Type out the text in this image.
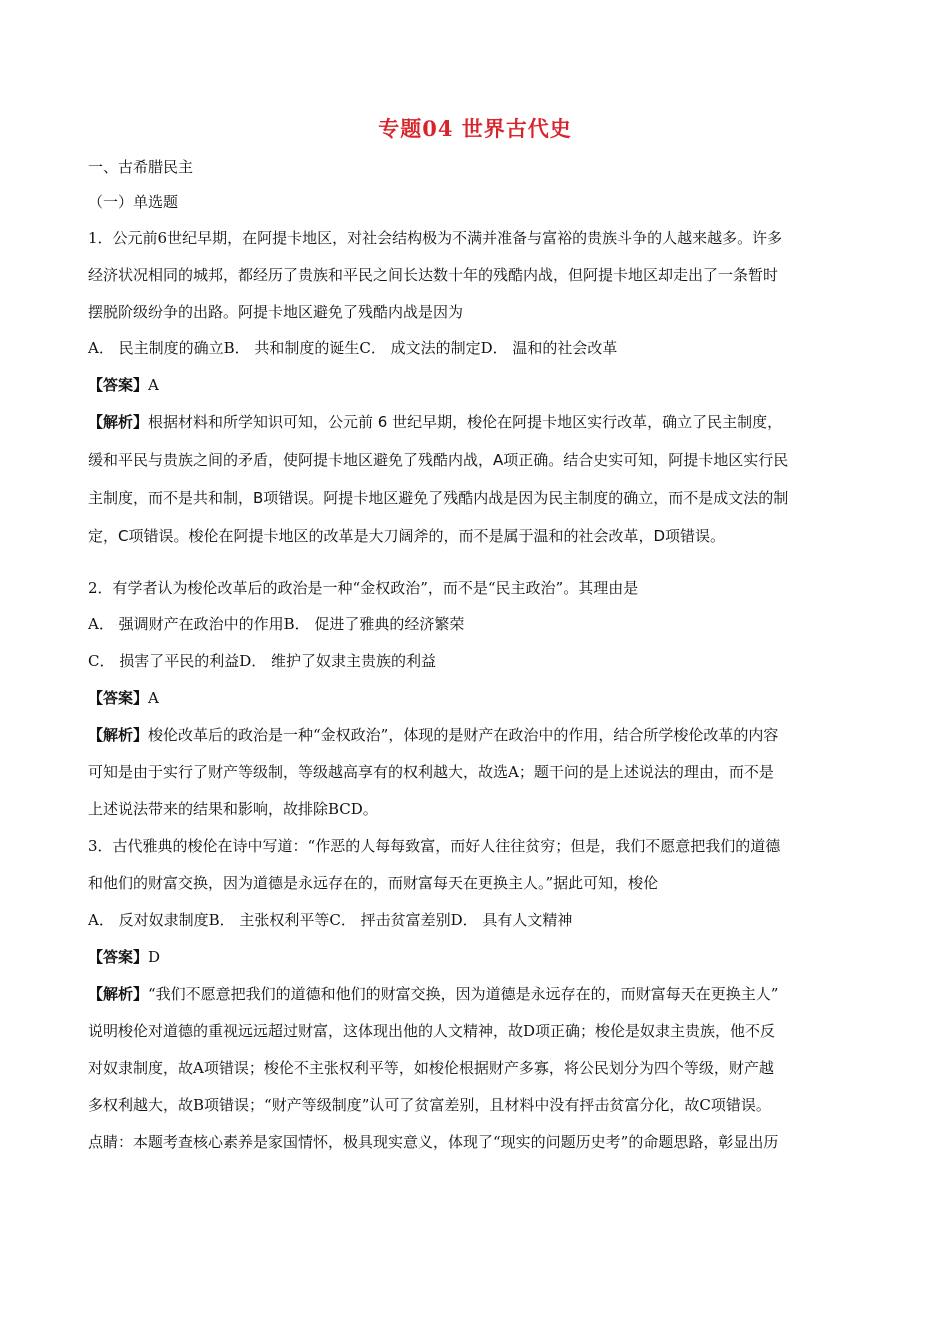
专题04 世界古代史
一、古希腊民主
（一）单选题
1．公元前6世纪早期，在阿提卡地区，对社会结构极为不满并准备与富裕的贵族斗争的人越来越多。许多
经济状况相同的城邦，都经历了贵族和平民之间长达数十年的残酷内战，但阿提卡地区却走出了一条暂时
摆脱阶级纷争的出路。阿提卡地区避免了残酷内战是因为
A． 民主制度的确立B． 共和制度的诞生C． 成文法的制定D． 温和的社会改革
【答案】A
【解析】根据材料和所学知识可知，公元前 6 世纪早期，梭伦在阿提卡地区实行改革，确立了民主制度，
缓和平民与贵族之间的矛盾，使阿提卡地区避免了残酷内战，A项正确。结合史实可知，阿提卡地区实行民
主制度，而不是共和制，B项错误。阿提卡地区避免了残酷内战是因为民主制度的确立，而不是成文法的制
定，C项错误。梭伦在阿提卡地区的改革是大刀阔斧的，而不是属于温和的社会改革，D项错误。
2．有学者认为梭伦改革后的政治是一种“金权政治”，而不是“民主政治”。其理由是
A． 强调财产在政治中的作用B． 促进了雅典的经济繁荣
C． 损害了平民的利益D． 维护了奴隶主贵族的利益
【答案】A
【解析】梭伦改革后的政治是一种“金权政治”，体现的是财产在政治中的作用，结合所学梭伦改革的内容
可知是由于实行了财产等级制，等级越高享有的权利越大，故选A；题干问的是上述说法的理由，而不是
上述说法带来的结果和影响，故排除BCD。
3．古代雅典的梭伦在诗中写道：“作恶的人每每致富，而好人往往贫穷；但是，我们不愿意把我们的道德
和他们的财富交换，因为道德是永远存在的，而财富每天在更换主人。”据此可知，梭伦
A． 反对奴隶制度B． 主张权利平等C． 抨击贫富差别D． 具有人文精神
【答案】D
【解析】“我们不愿意把我们的道德和他们的财富交换，因为道德是永远存在的，而财富每天在更换主人”
说明梭伦对道德的重视远远超过财富，这体现出他的人文精神，故D项正确；梭伦是奴隶主贵族，他不反
对奴隶制度，故A项错误；梭伦不主张权利平等，如梭伦根据财产多寡，将公民划分为四个等级，财产越
多权利越大，故B项错误；“财产等级制度”认可了贫富差别，且材料中没有抨击贫富分化，故C项错误。
点睛：本题考查核心素养是家国情怀，极具现实意义，体现了“现实的问题历史考”的命题思路，彰显出历
